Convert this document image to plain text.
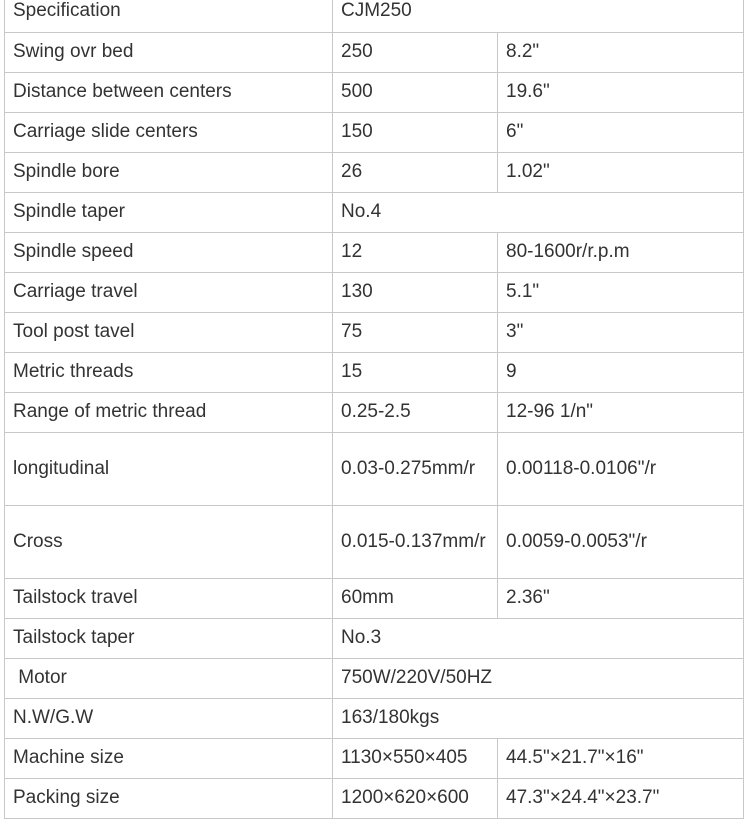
Specification	CJM250	
Swing ovr bed	250	8.2"
Distance between centers	500	19.6"
Carriage slide centers	150	6"
Spindle bore	26	1.02"
Spindle taper	No.4	
Spindle speed	12	80-1600r/r.p.m
Carriage travel	130	5.1"
Tool post tavel	75	3"
Metric threads	15	9
Range of metric thread	0.25-2.5	12-96 1/n"
longitudinal	0.03-0.275mm/r	0.00118-0.0106"/r
Cross	0.015-0.137mm/r	0.0059-0.0053"/r
Tailstock travel	60mm	2.36"
Tailstock taper	No.3	
Motor	750W/220V/50HZ	
N.W/G.W	163/180kgs	
Machine size	1130×550×405	44.5"×21.7"×16"
Packing size	1200×620×600	47.3"×24.4"×23.7"
